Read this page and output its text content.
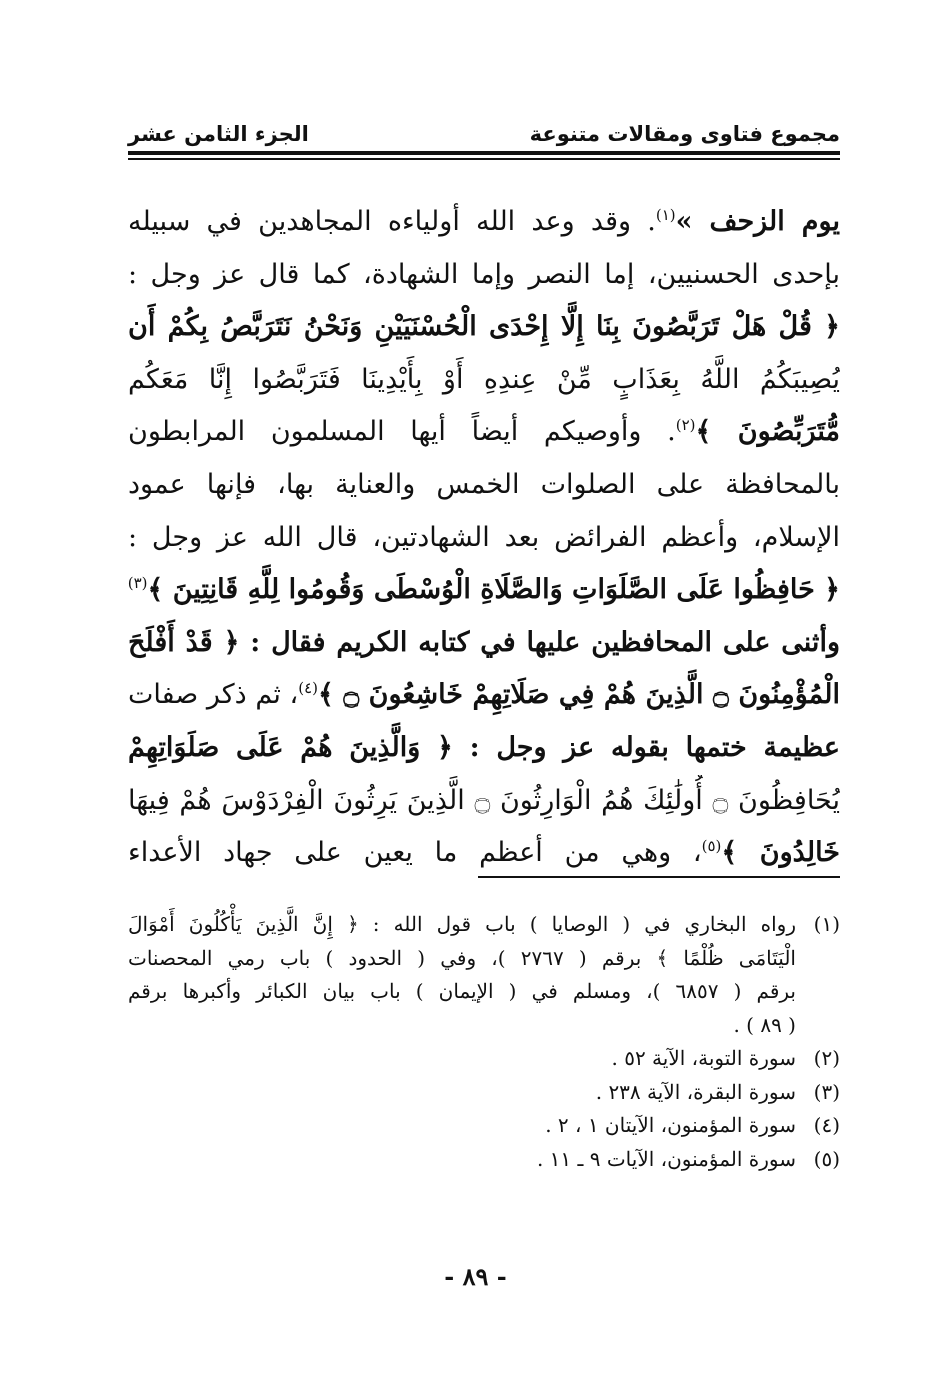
مجموع فتاوى ومقالات متنوعة
الجزء الثامن عشر
يوم الزحف »$^{(١)}$. وقد وعد الله أولياءه المجاهدين في سبيله
بإحدى الحسنيين، إما النصر وإما الشهادة، كما قال عز وجل :
﴿ قُلْ هَلْ تَرَبَّصُونَ بِنَا إِلَّا إِحْدَى الْحُسْنَيَيْنِ وَنَحْنُ نَتَرَبَّصُ بِكُمْ أَن
يُصِيبَكُمُ اللَّهُ بِعَذَابٍ مِّنْ عِندِهِ أَوْ بِأَيْدِينَا فَتَرَبَّصُوا إِنَّا مَعَكُم
مُّتَرَبِّصُونَ ﴾$^{(٢)}$. وأوصيكم أيضاً أيها المسلمون المرابطون
بالمحافظة على الصلوات الخمس والعناية بها، فإنها عمود
الإسلام، وأعظم الفرائض بعد الشهادتين، قال الله عز وجل :
﴿ حَافِظُوا عَلَى الصَّلَوَاتِ وَالصَّلَاةِ الْوُسْطَى وَقُومُوا لِلَّهِ قَانِتِينَ ﴾$^{(٣)}$
وأثنى على المحافظين عليها في كتابه الكريم فقال : ﴿ قَدْ أَفْلَحَ
الْمُؤْمِنُونَ ۝ الَّذِينَ هُمْ فِي صَلَاتِهِمْ خَاشِعُونَ ۝ ﴾$^{(٤)}$، ثم ذكر صفات
عظيمة ختمها بقوله عز وجل : ﴿ وَالَّذِينَ هُمْ عَلَى صَلَوَاتِهِمْ
يُحَافِظُونَ ۝ أُولَٰئِكَ هُمُ الْوَارِثُونَ ۝ الَّذِينَ يَرِثُونَ الْفِرْدَوْسَ هُمْ فِيهَا
خَالِدُونَ ﴾$^{(٥)}$، وهي من أعظم ما يعين على جهاد الأعداء
(١)
رواه البخاري في ( الوصايا ) باب قول الله : ﴿ إِنَّ الَّذِينَ يَأْكُلُونَ أَمْوَالَ
الْيَتَامَى ظُلْمًا ﴾ برقم ( ٢٧٦٧ )، وفي ( الحدود ) باب رمي المحصنات
برقم ( ٦٨٥٧ )، ومسلم في ( الإيمان ) باب بيان الكبائر وأكبرها برقم
( ٨٩ ) .
(٢)
سورة التوبة، الآية ٥٢ .
(٣)
سورة البقرة، الآية ٢٣٨ .
(٤)
سورة المؤمنون، الآيتان ١ ، ٢ .
(٥)
سورة المؤمنون، الآيات ٩ ـ ١١ .
- ٨٩ -
